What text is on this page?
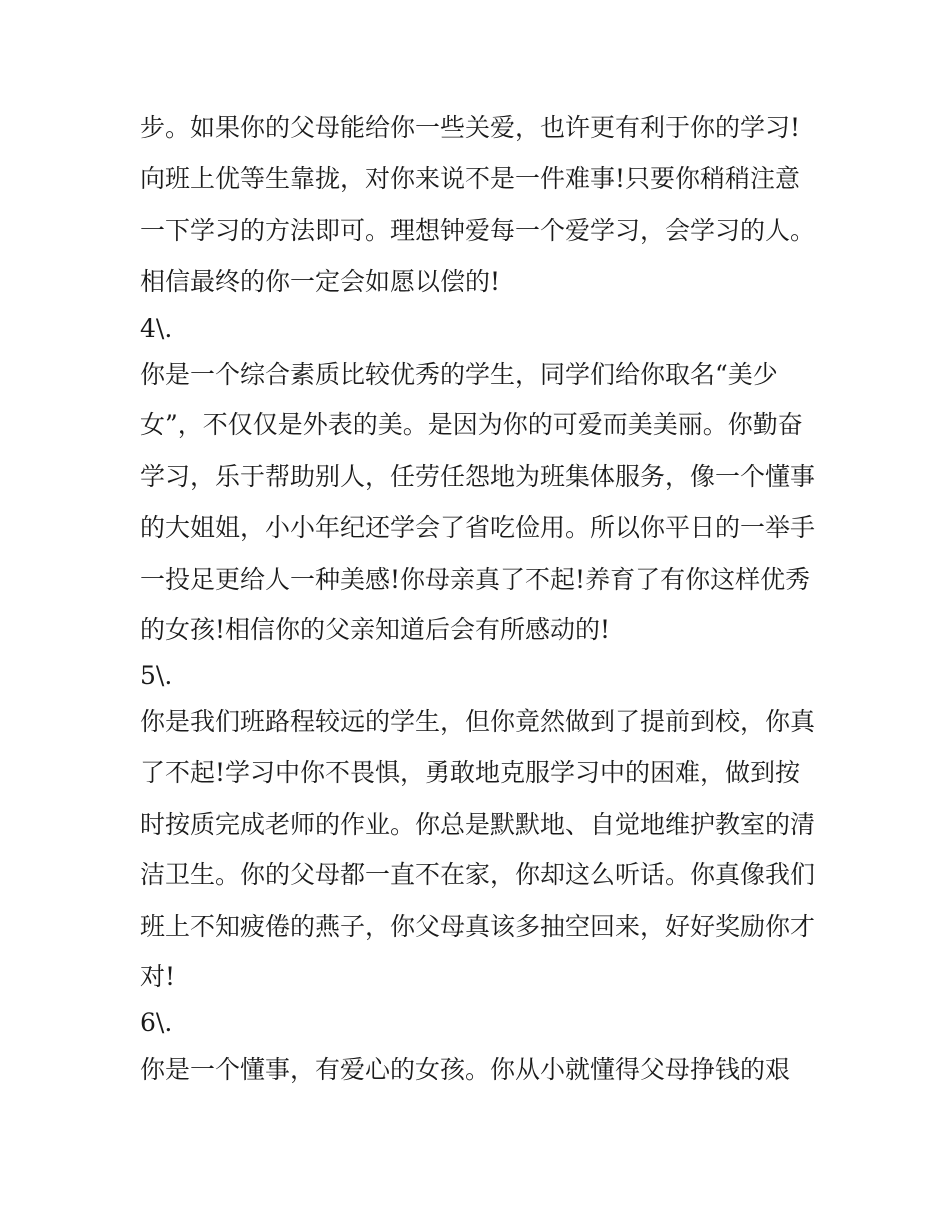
步。如果你的父母能给你一些关爱，也许更有利于你的学习!
向班上优等生靠拢，对你来说不是一件难事!只要你稍稍注意
一下学习的方法即可。理想钟爱每一个爱学习，会学习的人。
相信最终的你一定会如愿以偿的!
4\.
你是一个综合素质比较优秀的学生，同学们给你取名“美少
女”，不仅仅是外表的美。是因为你的可爱而美美丽。你勤奋
学习，乐于帮助别人，任劳任怨地为班集体服务，像一个懂事
的大姐姐，小小年纪还学会了省吃俭用。所以你平日的一举手
一投足更给人一种美感!你母亲真了不起!养育了有你这样优秀
的女孩!相信你的父亲知道后会有所感动的!
5\.
你是我们班路程较远的学生，但你竟然做到了提前到校，你真
了不起!学习中你不畏惧，勇敢地克服学习中的困难，做到按
时按质完成老师的作业。你总是默默地、自觉地维护教室的清
洁卫生。你的父母都一直不在家，你却这么听话。你真像我们
班上不知疲倦的燕子，你父母真该多抽空回来，好好奖励你才
对!
6\.
你是一个懂事，有爱心的女孩。你从小就懂得父母挣钱的艰
